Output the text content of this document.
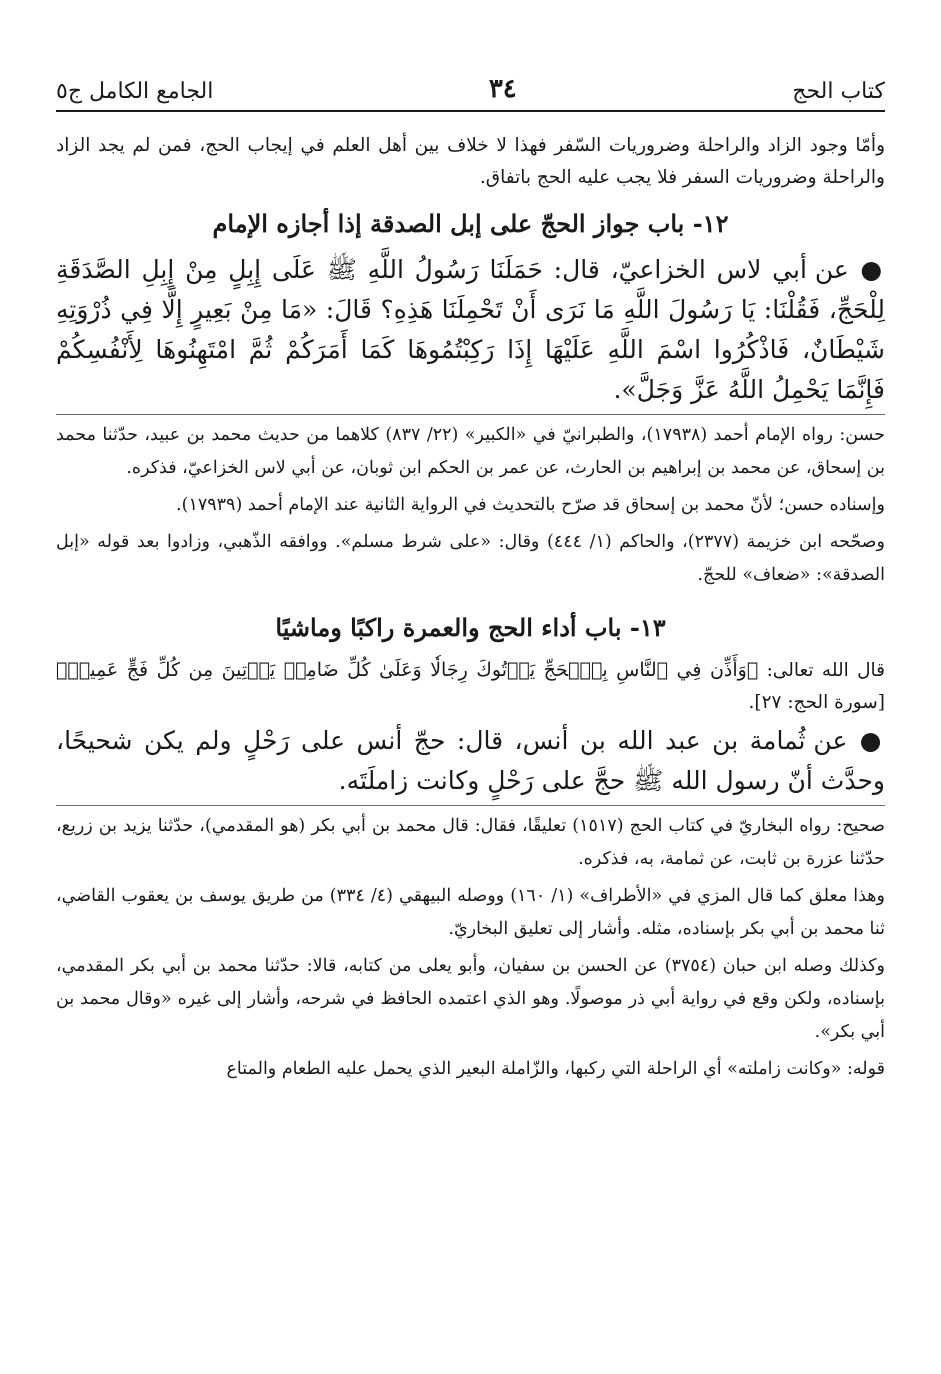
كتاب الحج
٣٤
الجامع الكامل ج٥

وأمّا وجود الزاد والراحلة وضروريات السّفر فهذا لا خلاف بين أهل العلم في إيجاب الحج، فمن لم يجد الزاد والراحلة وضروريات السفر فلا يجب عليه الحج باتفاق.

١٢- باب جواز الحجّ على إبل الصدقة إذا أجازه الإمام

● عن أبي لاس الخزاعيّ، قال: حَمَلَنَا رَسُولُ اللَّهِ ﷺ عَلَى إِبِلٍ مِنْ إِبِلِ الصَّدَقَةِ لِلْحَجِّ، فَقُلْنَا: يَا رَسُولَ اللَّهِ مَا نَرَى أَنْ تَحْمِلَنَا هَذِهِ؟ قَالَ: «مَا مِنْ بَعِيرٍ إِلَّا فِي ذُرْوَتِهِ شَيْطَانٌ، فَاذْكُرُوا اسْمَ اللَّهِ عَلَيْهَا إِذَا رَكِبْتُمُوهَا كَمَا أَمَرَكُمْ ثُمَّ امْتَهِنُوهَا لِأَنْفُسِكُمْ فَإِنَّمَا يَحْمِلُ اللَّهُ عَزَّ وَجَلَّ».

حسن: رواه الإمام أحمد (١٧٩٣٨)، والطبرانيّ في «الكبير» (٢٢/ ٨٣٧) كلاهما من حديث محمد بن عبيد، حدّثنا محمد بن إسحاق، عن محمد بن إبراهيم بن الحارث، عن عمر بن الحكم ابن ثوبان، عن أبي لاس الخزاعيّ، فذكره.

وإسناده حسن؛ لأنّ محمد بن إسحاق قد صرّح بالتحديث في الرواية الثانية عند الإمام أحمد (١٧٩٣٩).

وصحّحه ابن خزيمة (٢٣٧٧)، والحاكم (١/ ٤٤٤) وقال: «على شرط مسلم». ووافقه الذّهبي، وزادوا بعد قوله «إبل الصدقة»: «ضعاف» للحجّ.

١٣- باب أداء الحج والعمرة راكبًا وماشيًا

قال الله تعالى: ﴿وَأَذِّن فِي ٱلنَّاسِ بِٱلۡحَجِّ يَأۡتُوكَ رِجَالٗا وَعَلَىٰ كُلِّ ضَامِرٖ يَأۡتِينَ مِن كُلِّ فَجٍّ عَمِيقٖ﴾ [سورة الحج: ٢٧].

● عن ثُمامة بن عبد الله بن أنس، قال: حجّ أنس على رَحْلٍ ولم يكن شحيحًا، وحدَّث أنّ رسول الله ﷺ حجَّ على رَحْلٍ وكانت زاملَتَه.

صحيح: رواه البخاريّ في كتاب الحج (١٥١٧) تعليقًا، فقال: قال محمد بن أبي بكر (هو المقدمي)، حدّثنا يزيد بن زريع، حدّثنا عزرة بن ثابت، عن ثمامة، به، فذكره.

وهذا معلق كما قال المزي في «الأطراف» (١/ ١٦٠) ووصله البيهقي (٤/ ٣٣٤) من طريق يوسف بن يعقوب القاضي، ثنا محمد بن أبي بكر بإسناده، مثله. وأشار إلى تعليق البخاريّ.

وكذلك وصله ابن حبان (٣٧٥٤) عن الحسن بن سفيان، وأبو يعلى من كتابه، قالا: حدّثنا محمد بن أبي بكر المقدمي، بإسناده، ولكن وقع في رواية أبي ذر موصولًا. وهو الذي اعتمده الحافظ في شرحه، وأشار إلى غيره «وقال محمد بن أبي بكر».

قوله: «وكانت زاملته» أي الراحلة التي ركبها، والزّاملة البعير الذي يحمل عليه الطعام والمتاع
